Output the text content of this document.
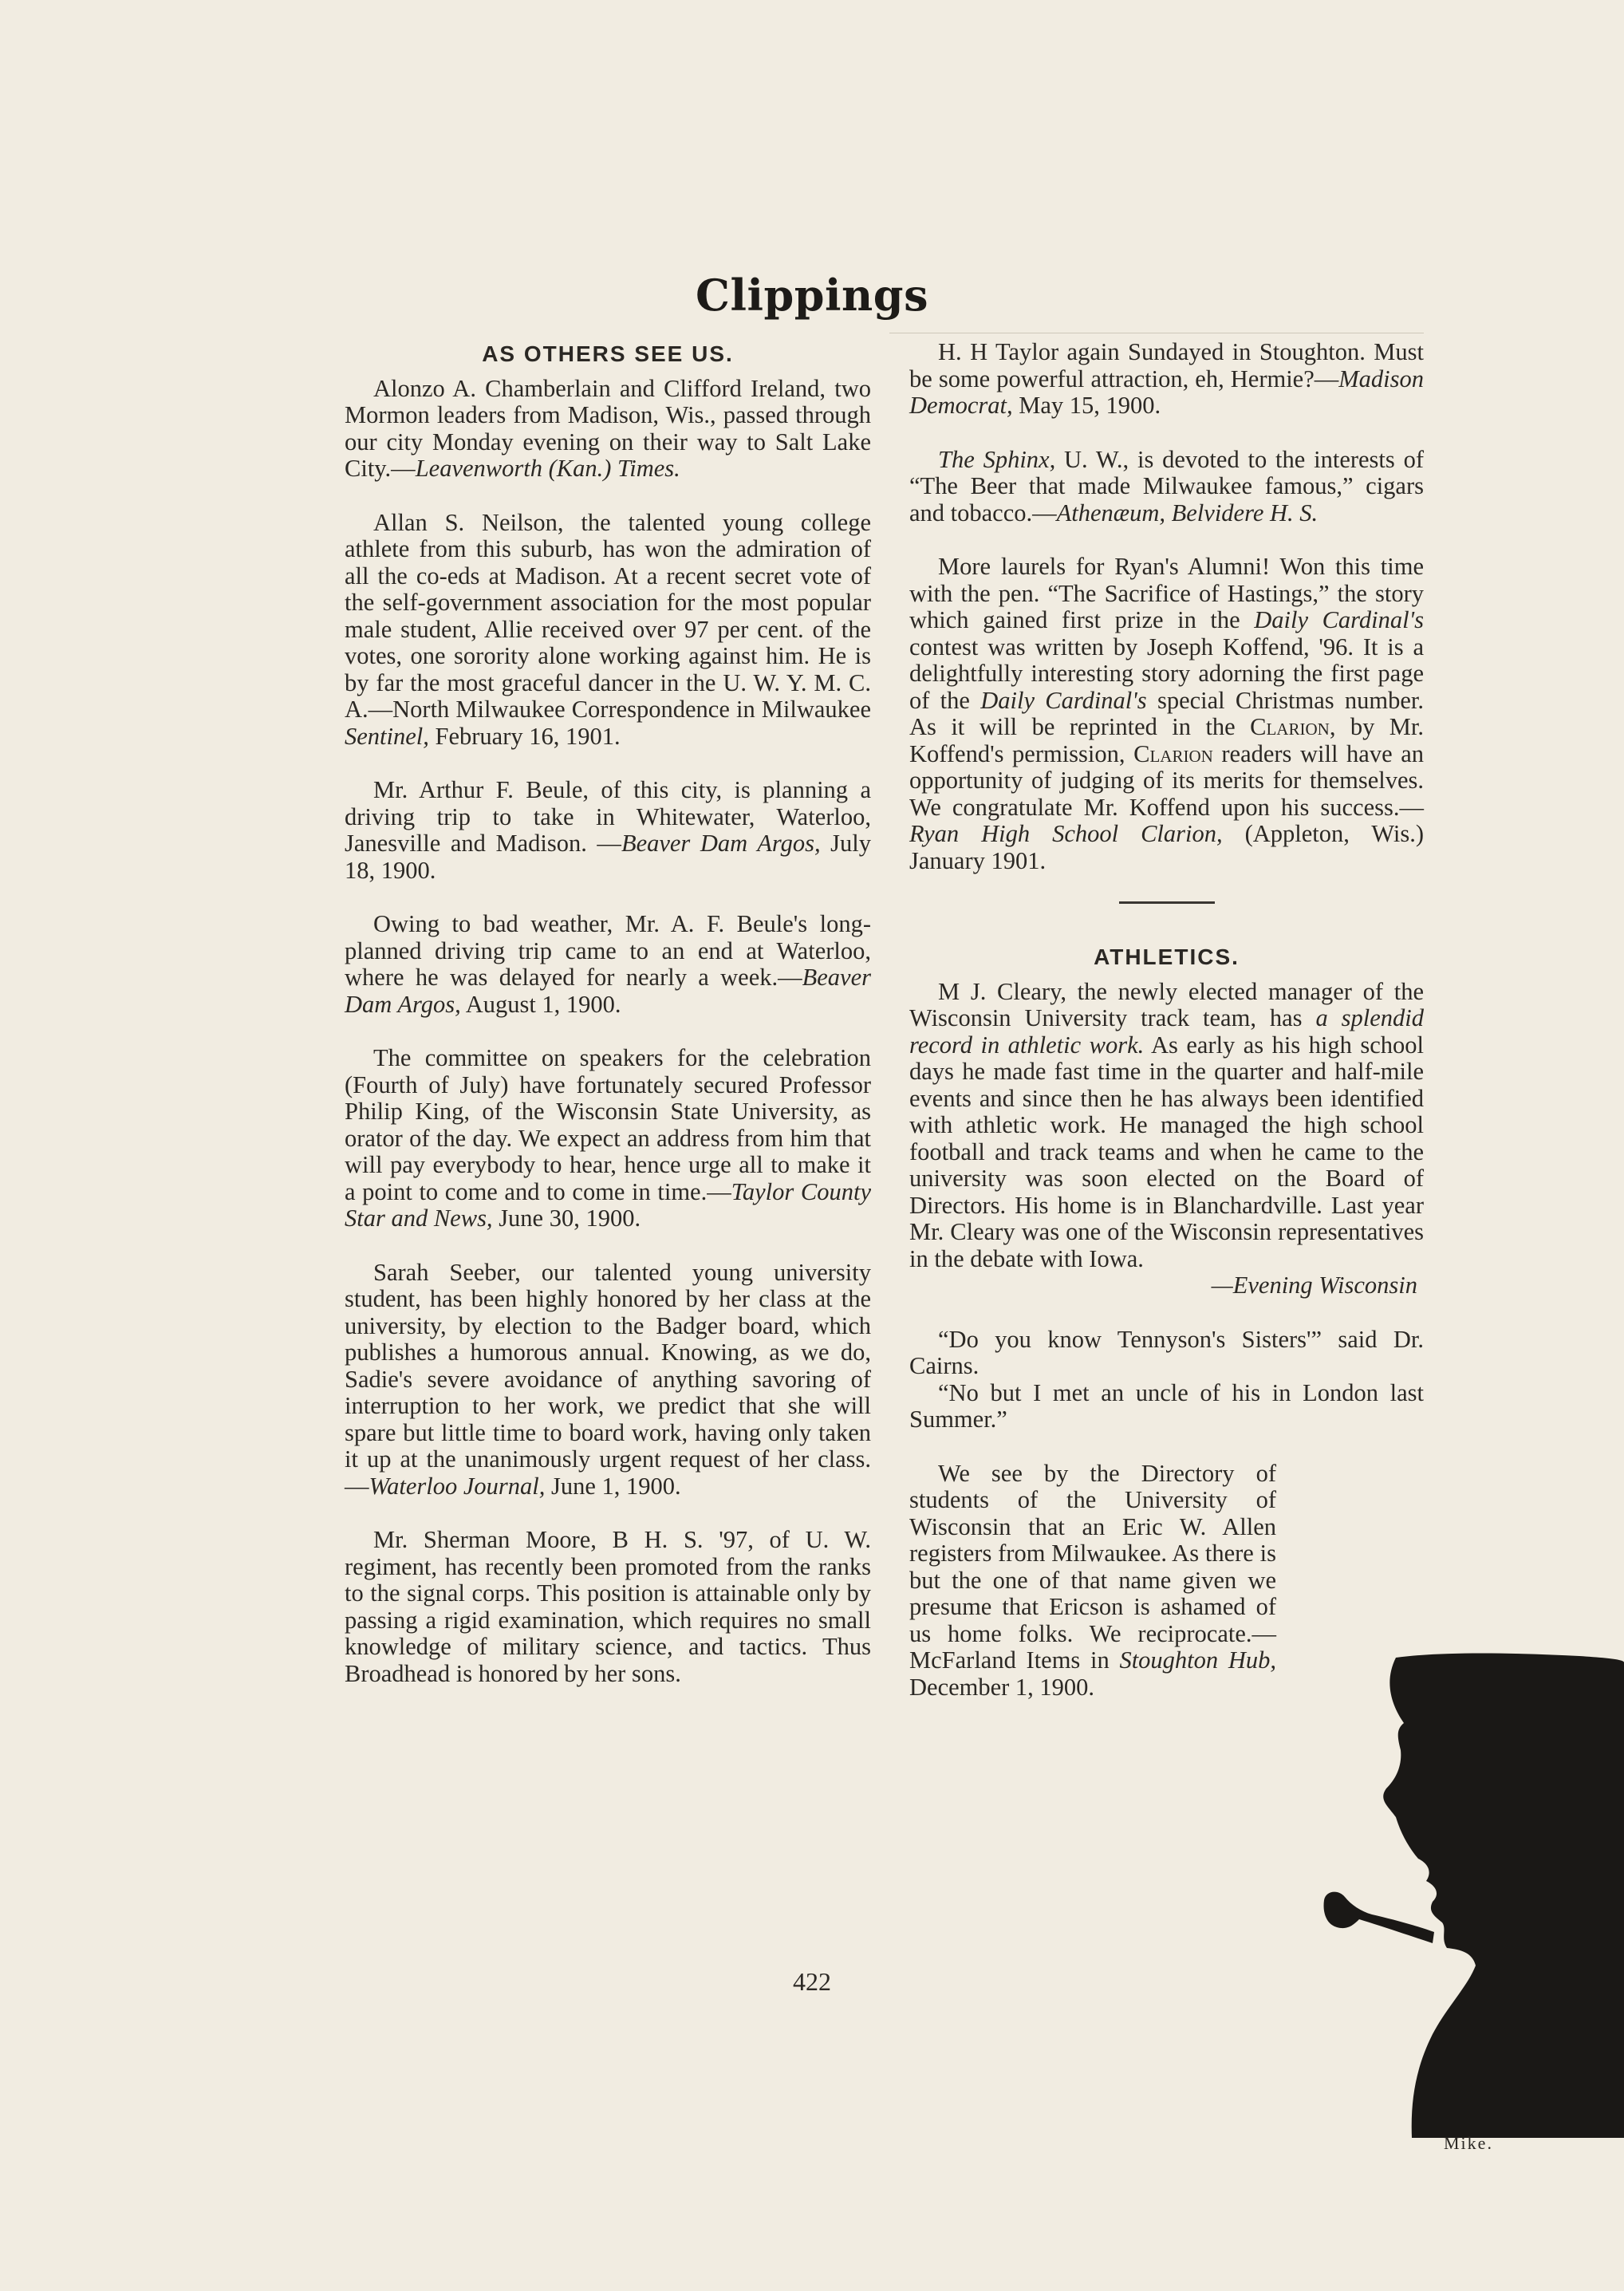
Clippings
AS OTHERS SEE US.

Alonzo A. Chamberlain and Clifford Ireland, two Mormon leaders from Madison, Wis., passed through our city Monday evening on their way to Salt Lake City.—Leavenworth (Kan.) Times.

Allan S. Neilson, the talented young college athlete from this suburb, has won the admiration of all the co-eds at Madison. At a recent secret vote of the self-government association for the most popular male student, Allie received over 97 per cent. of the votes, one sorority alone working against him. He is by far the most graceful dancer in the U. W. Y. M. C. A.—North Milwaukee Correspondence in Milwaukee Sentinel, February 16, 1901.

Mr. Arthur F. Beule, of this city, is planning a driving trip to take in Whitewater, Waterloo, Janesville and Madison. —Beaver Dam Argos, July 18, 1900.

Owing to bad weather, Mr. A. F. Beule's long-planned driving trip came to an end at Waterloo, where he was delayed for nearly a week.—Beaver Dam Argos, August 1, 1900.

The committee on speakers for the celebration (Fourth of July) have fortunately secured Professor Philip King, of the Wisconsin State University, as orator of the day. We expect an address from him that will pay everybody to hear, hence urge all to make it a point to come and to come in time.—Taylor County Star and News, June 30, 1900.

Sarah Seeber, our talented young university student, has been highly honored by her class at the university, by election to the Badger board, which publishes a humorous annual. Knowing, as we do, Sadie's severe avoidance of anything savoring of interruption to her work, we predict that she will spare but little time to board work, having only taken it up at the unanimously urgent request of her class.—Waterloo Journal, June 1, 1900.

Mr. Sherman Moore, B H. S. '97, of U. W. regiment, has recently been promoted from the ranks to the signal corps. This position is attainable only by passing a rigid examination, which requires no small knowledge of military science, and tactics. Thus Broadhead is honored by her sons.

H. H Taylor again Sundayed in Stoughton. Must be some powerful attraction, eh, Hermie?—Madison Democrat, May 15, 1900.

The Sphinx, U. W., is devoted to the interests of “The Beer that made Milwaukee famous,” cigars and tobacco.—Athenæum, Belvidere H. S.

More laurels for Ryan's Alumni! Won this time with the pen. “The Sacrifice of Hastings,” the story which gained first prize in the Daily Cardinal's contest was written by Joseph Koffend, '96. It is a delightfully interesting story adorning the first page of the Daily Cardinal's special Christmas number. As it will be reprinted in the Clarion, by Mr. Koffend's permission, Clarion readers will have an opportunity of judging of its merits for themselves. We congratulate Mr. Koffend upon his success.—Ryan High School Clarion, (Appleton, Wis.) January 1901.

ATHLETICS.

M J. Cleary, the newly elected manager of the Wisconsin University track team, has a splendid record in athletic work. As early as his high school days he made fast time in the quarter and half-mile events and since then he has always been identified with athletic work. He managed the high school football and track teams and when he came to the university was soon elected on the Board of Directors. His home is in Blanchardville. Last year Mr. Cleary was one of the Wisconsin representatives in the debate with Iowa.

—Evening Wisconsin

“Do you know Tennyson's Sisters'” said Dr. Cairns.

“No but I met an uncle of his in London last Summer.”

We see by the Directory of students of the University of Wisconsin that an Eric W. Allen registers from Milwaukee. As there is but the one of that name given we presume that Ericson is ashamed of us home folks. We reciprocate.—McFarland Items in Stoughton Hub, December 1, 1900.

422
Mike.
